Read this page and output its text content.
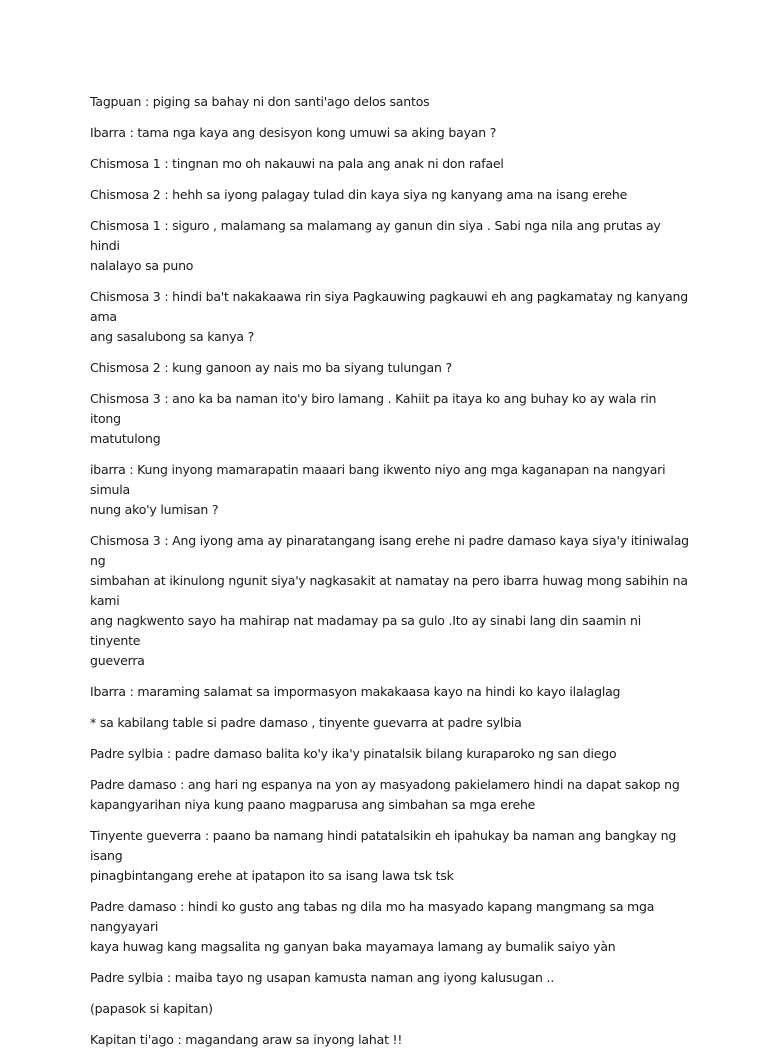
Tagpuan : piging sa bahay ni don santi'ago delos santos
Ibarra : tama nga kaya ang desisyon kong umuwi sa aking bayan ?
Chismosa 1 : tingnan mo oh nakauwi na pala ang anak ni don rafael
Chismosa 2 : hehh sa iyong palagay tulad din kaya siya ng kanyang ama na isang erehe
Chismosa 1 : siguro , malamang sa malamang ay ganun din siya . Sabi nga nila ang prutas ay hindi
nalalayo sa puno
Chismosa 3 : hindi ba't nakakaawa rin siya Pagkauwing pagkauwi eh ang pagkamatay ng kanyang ama
ang sasalubong sa kanya ?
Chismosa 2 : kung ganoon ay nais mo ba siyang tulungan ?
Chismosa 3 : ano ka ba naman ito'y biro lamang . Kahiit pa itaya ko ang buhay ko ay wala rin itong
matutulong
ibarra : Kung inyong mamarapatin maaari bang ikwento niyo ang mga kaganapan na nangyari simula
nung ako'y lumisan ?
Chismosa 3 : Ang iyong ama ay pinaratangang isang erehe ni padre damaso kaya siya'y itiniwalag ng
simbahan at ikinulong ngunit siya'y nagkasakit at namatay na pero ibarra huwag mong sabihin na kami
ang nagkwento sayo ha mahirap nat madamay pa sa gulo .Ito ay sinabi lang din saamin ni tinyente
gueverra
Ibarra : maraming salamat sa impormasyon makakaasa kayo na hindi ko kayo ilalaglag
* sa kabilang table si padre damaso , tinyente guevarra at padre sylbia
Padre sylbia : padre damaso balita ko'y ika'y pinatalsik bilang kuraparoko ng san diego
Padre damaso : ang hari ng espanya na yon ay masyadong pakielamero hindi na dapat sakop ng
kapangyarihan niya kung paano magparusa ang simbahan sa mga erehe
Tinyente gueverra : paano ba namang hindi patatalsikin eh ipahukay ba naman ang bangkay ng isang
pinagbintangang erehe at ipatapon ito sa isang lawa tsk tsk
Padre damaso : hindi ko gusto ang tabas ng dila mo ha masyado kapang mangmang sa mga nangyayari
kaya huwag kang magsalita ng ganyan baka mayamaya lamang ay bumalik saiyo yàn
Padre sylbia : maiba tayo ng usapan kamusta naman ang iyong kalusugan ..
(papasok si kapitan)
Kapitan ti'ago : magandang araw sa inyong lahat !!
